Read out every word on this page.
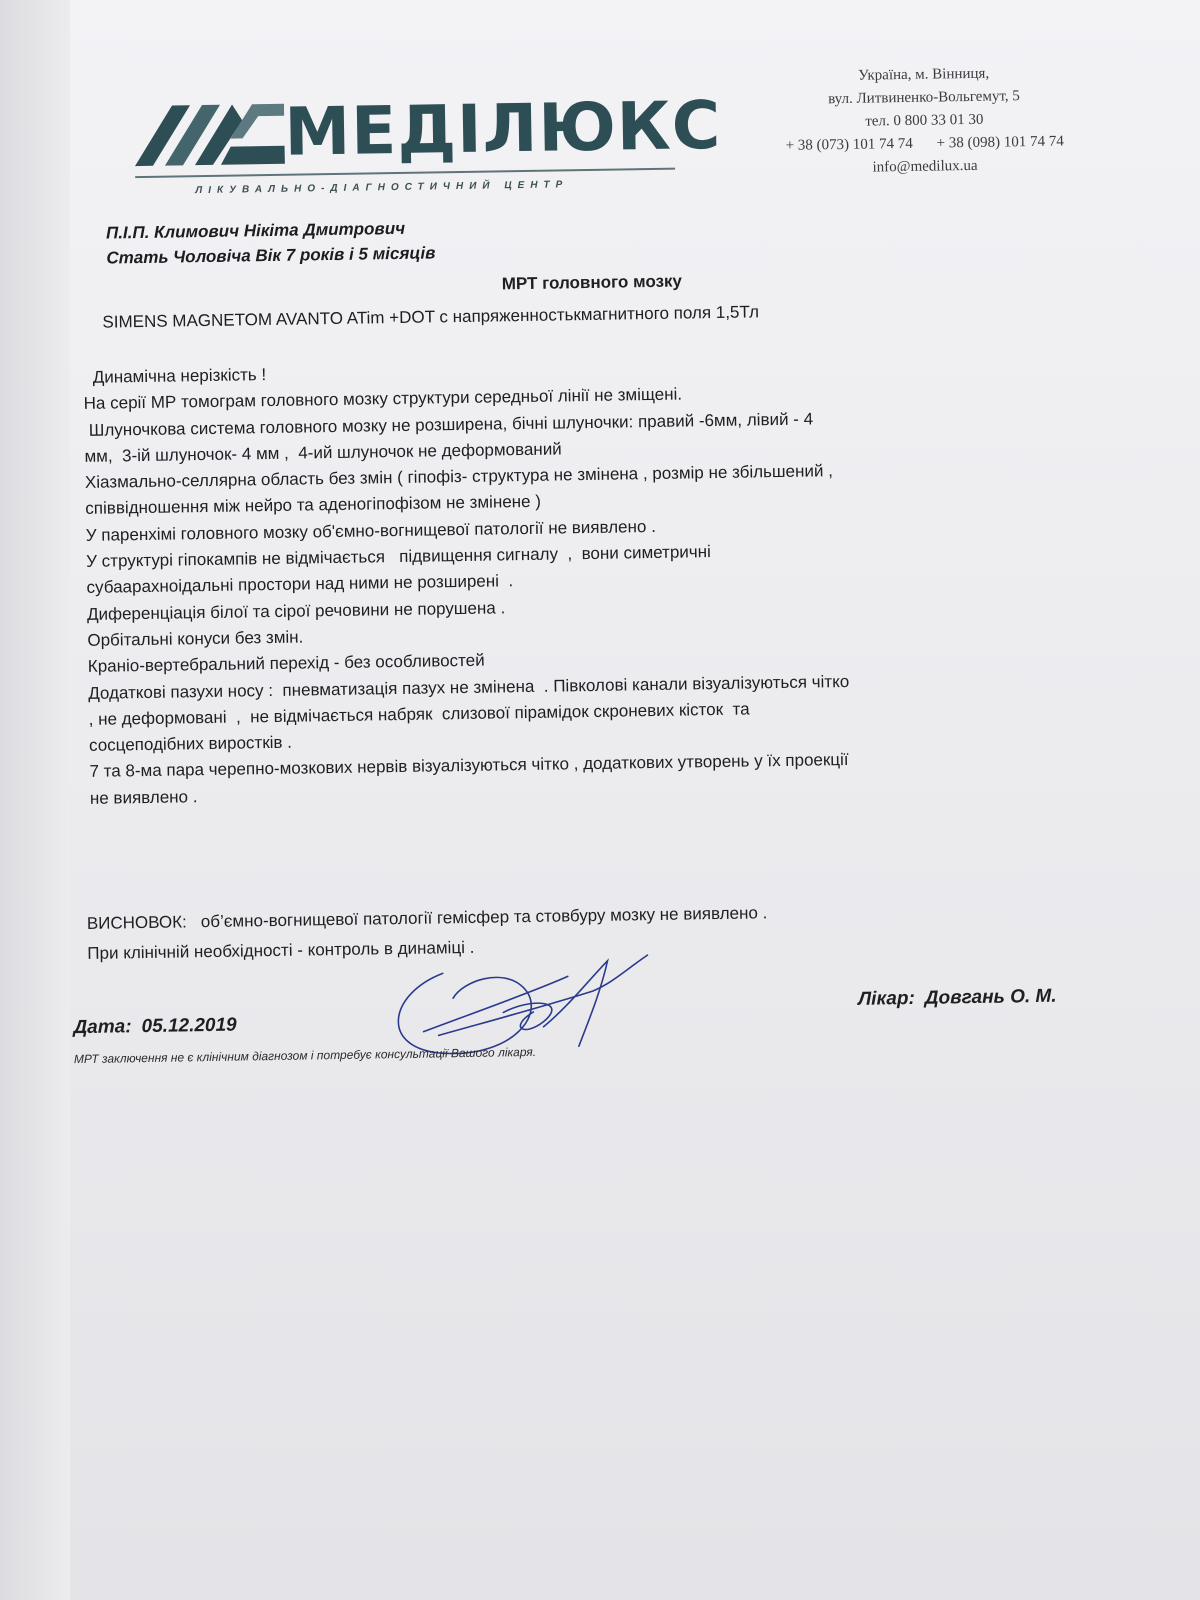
МЕДІЛЮКС
ЛІКУВАЛЬНО-ДІАГНОСТИЧНИЙ ЦЕНТР
Україна, м. Вінниця,
вул. Литвиненко-Вольгемут, 5
тел. 0 800 33 01 30
+ 38 (073) 101 74 74 + 38 (098) 101 74 74
info@medilux.ua
П.І.П. Климович Нікіта Дмитрович
Стать Чоловіча Вік 7 років і 5 місяців
МРТ головного мозку
SIMENS MAGNETOM AVANTO ATim +DOT с напряженностькмагнитного поля 1,5Тл
Динамічна нерізкість !
На серії МР томограм головного мозку структури середньої лінії не зміщені.
Шлуночкова система головного мозку не розширена, бічні шлуночки: правий -6мм, лівий - 4
мм,  3-ій шлуночок- 4 мм ,  4-ий шлуночок не деформований
Хіазмально-селлярна область без змін ( гіпофіз- структура не змінена , розмір не збільшений ,
співвідношення між нейро та аденогіпофізом не змінене )
У паренхімі головного мозку об'ємно-вогнищевої патології не виявлено .
У структурі гіпокампів не відмічається   підвищення сигналу  ,  вони симетричні
субаарахноідальні простори над ними не розширені  .
Диференціація білої та сірої речовини не порушена .
Орбітальні конуси без змін.
Краніо-вертебральний перехід - без особливостей
Додаткові пазухи носу :  пневматизація пазух не змінена  . Півколові канали візуалізуються чітко
, не деформовані  ,  не відмічається набряк  слизової пірамідок скроневих кісток  та
сосцеподібних виростків .
7 та 8-ма пара черепно-мозкових нервів візуалізуються чітко , додаткових утворень у їх проекції
не виявлено .
ВИСНОВОК: об’ємно-вогнищевої патології гемісфер та стовбуру мозку не виявлено .
При клінічній необхідності - контроль в динаміці .
Дата: 05.12.2019
Лікар: Довгань О. М.
МРТ заключення не є клінічним діагнозом і потребує консультації Вашого лікаря.
